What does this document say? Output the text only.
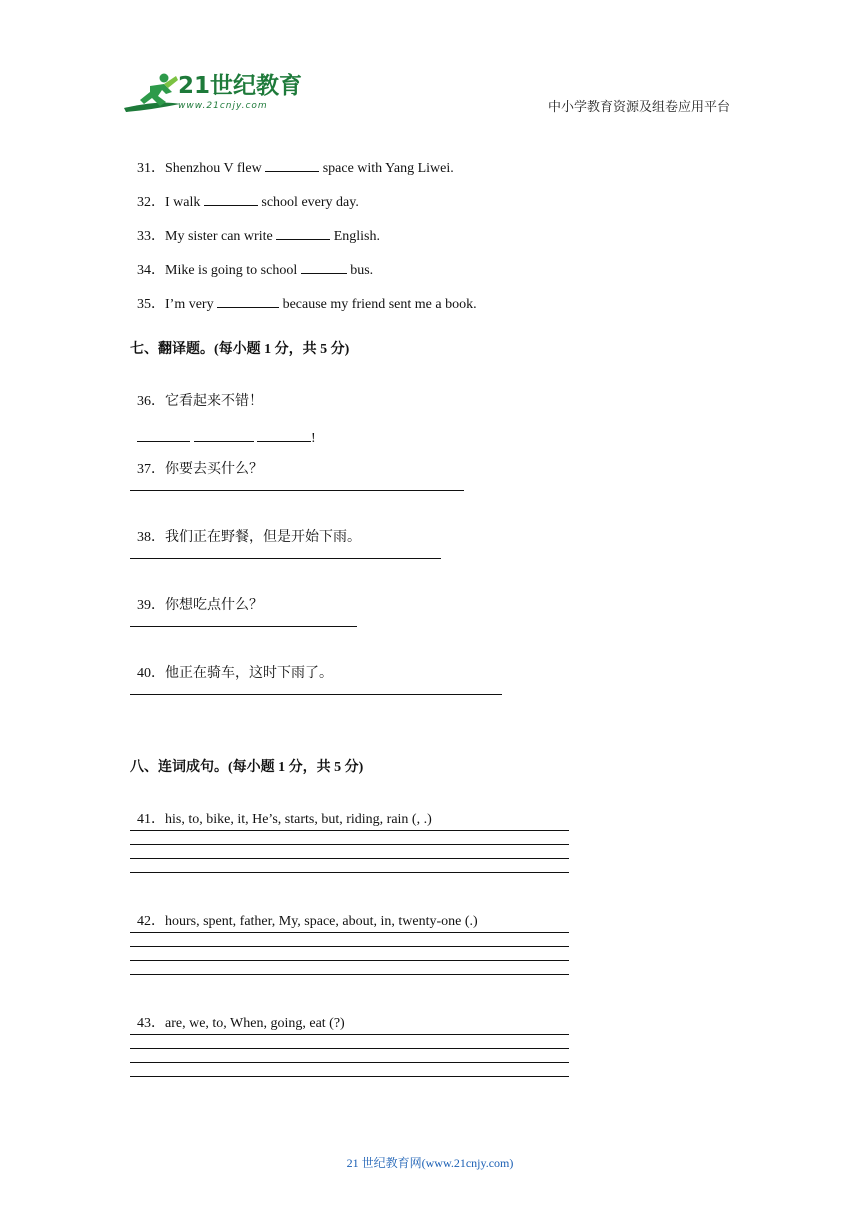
21世纪教育
www.21cnjy.com	中小学教育资源及组卷应用平台

31．Shenzhou V flew	space with Yang Liwei.

32．I walk	school every day.

33．My sister can write	English.

34．Mike is going to school	bus.

35．I’m very	because my friend sent me a book.

七、翻译题。(每小题 1 分，共 5 分)

36．它看起来不错！

!

37．你要去买什么？

38．我们正在野餐，但是开始下雨。

39．你想吃点什么？

40．他正在骑车，这时下雨了。

八、连词成句。(每小题 1 分，共 5 分)

41．his, to, bike, it, He’s, starts, but, riding, rain (, .)

42．hours, spent, father, My, space, about, in, twenty-one (.)

43．are, we, to, When, going, eat (?)

21 世纪教育网(www.21cnjy.com)
